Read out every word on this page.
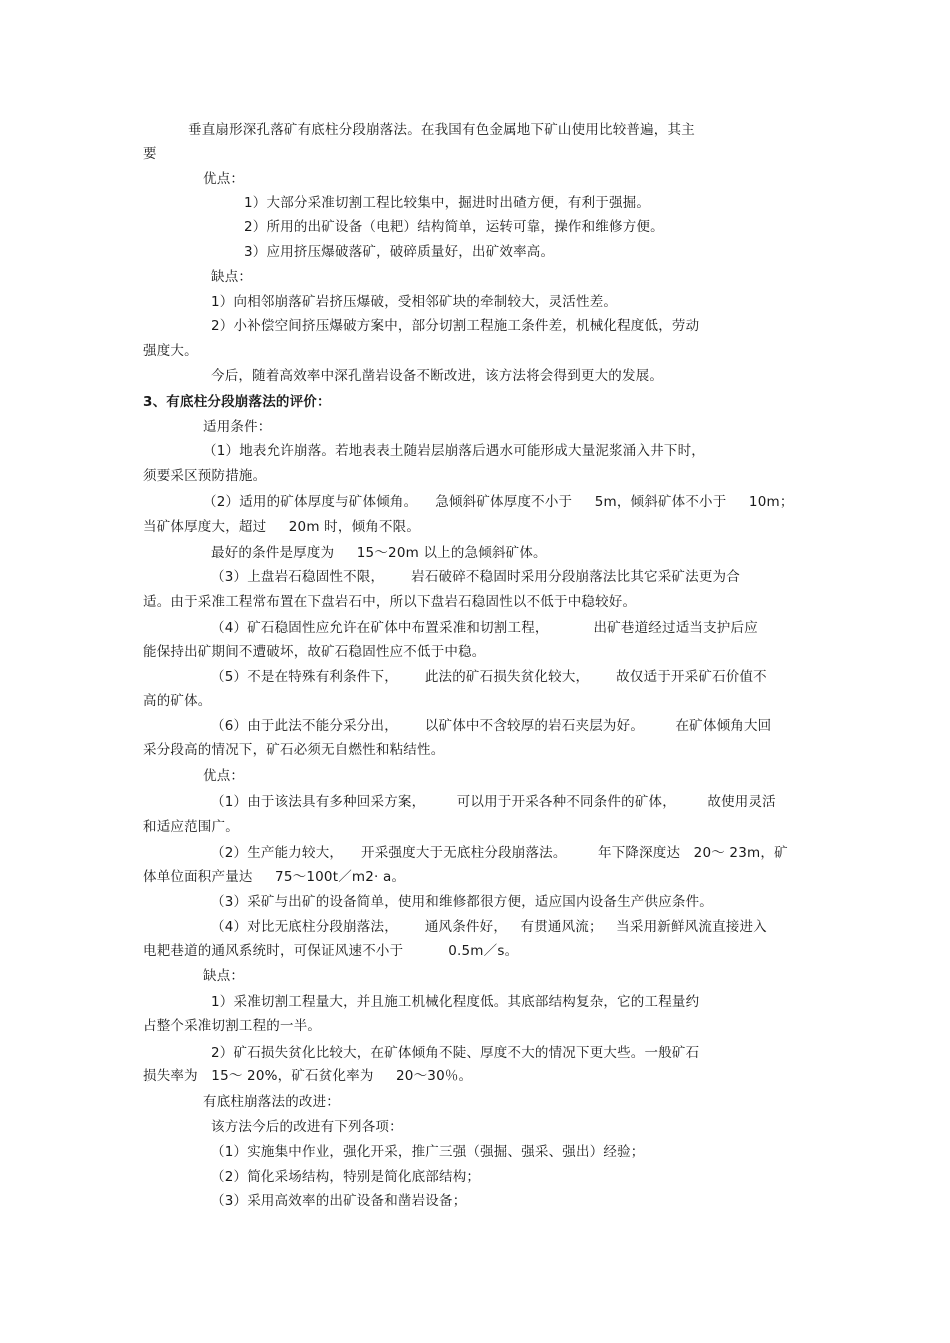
垂直扇形深孔落矿有底柱分段崩落法。在我国有色金属地下矿山使用比较普遍，其主

要

优点：

1）大部分采准切割工程比较集中，掘进时出碴方便，有利于强掘。

2）所用的出矿设备（电耙）结构简单，运转可靠，操作和维修方便。

3）应用挤压爆破落矿，破碎质量好，出矿效率高。

缺点：

1）向相邻崩落矿岩挤压爆破，受相邻矿块的牵制较大，灵活性差。

2）小补偿空间挤压爆破方案中，部分切割工程施工条件差，机械化程度低，劳动

强度大。

今后，随着高效率中深孔凿岩设备不断改进，该方法将会得到更大的发展。

3、有底柱分段崩落法的评价：

适用条件：

（1）地表允许崩落。若地表表土随岩层崩落后遇水可能形成大量泥浆涌入井下时，

须要采区预防措施。

（2）适用的矿体厚度与矿体倾角。    急倾斜矿体厚度不小于     5m，倾斜矿体不小于     10m；

当矿体厚度大，超过     20m 时，倾角不限。

最好的条件是厚度为     15～20m 以上的急倾斜矿体。

（3）上盘岩石稳固性不限，      岩石破碎不稳固时采用分段崩落法比其它采矿法更为合

适。由于采准工程常布置在下盘岩石中，所以下盘岩石稳固性以不低于中稳较好。

（4）矿石稳固性应允许在矿体中布置采准和切割工程，          出矿巷道经过适当支护后应

能保持出矿期间不遭破坏，故矿石稳固性应不低于中稳。

（5）不是在特殊有利条件下，      此法的矿石损失贫化较大，      故仅适于开采矿石价值不

高的矿体。

（6）由于此法不能分采分出，      以矿体中不含较厚的岩石夹层为好。       在矿体倾角大回

采分段高的情况下，矿石必须无自燃性和粘结性。

优点：

（1）由于该法具有多种回采方案，       可以用于开采各种不同条件的矿体，       故使用灵活

和适应范围广。

（2）生产能力较大，    开采强度大于无底柱分段崩落法。       年下降深度达   20～ 23m，矿

体单位面积产量达     75～100t／m2· a。

（3）采矿与出矿的设备简单，使用和维修都很方便，适应国内设备生产供应条件。

（4）对比无底柱分段崩落法，      通风条件好，   有贯通风流；   当采用新鲜风流直接进入

电耙巷道的通风系统时，可保证风速不小于          0.5m／s。

缺点：

1）采准切割工程量大，并且施工机械化程度低。其底部结构复杂，它的工程量约

占整个采准切割工程的一半。

2）矿石损失贫化比较大，在矿体倾角不陡、厚度不大的情况下更大些。一般矿石

损失率为   15～ 20%，矿石贫化率为     20～30％。

有底柱崩落法的改进：

该方法今后的改进有下列各项：

（1）实施集中作业，强化开采，推广三强（强掘、强采、强出）经验；

（2）简化采场结构，特别是简化底部结构；

（3）采用高效率的出矿设备和凿岩设备；
